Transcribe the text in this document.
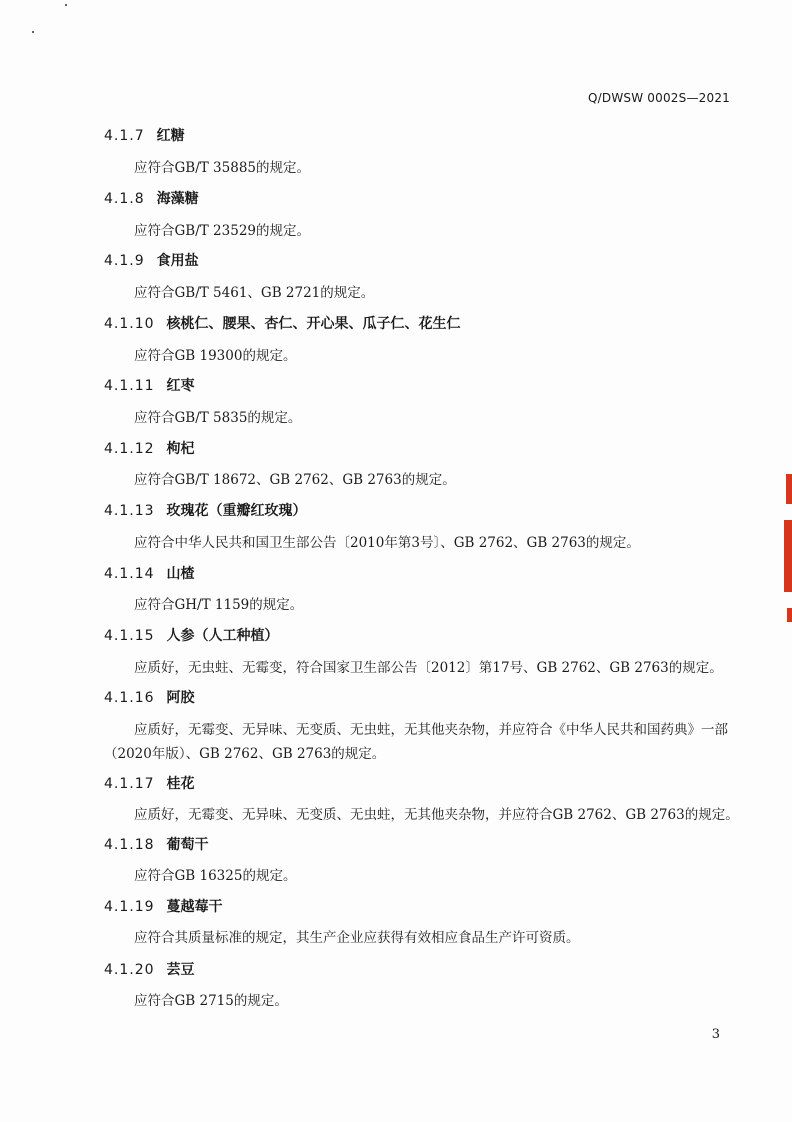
Q/DWSW 0002S—2021
4.1.7 红糖
应符合GB/T 35885的规定。
4.1.8 海藻糖
应符合GB/T 23529的规定。
4.1.9 食用盐
应符合GB/T 5461、GB 2721的规定。
4.1.10 核桃仁、腰果、杏仁、开心果、瓜子仁、花生仁
应符合GB 19300的规定。
4.1.11 红枣
应符合GB/T 5835的规定。
4.1.12 枸杞
应符合GB/T 18672、GB 2762、GB 2763的规定。
4.1.13 玫瑰花（重瓣红玫瑰）
应符合中华人民共和国卫生部公告〔2010年第3号〕、GB 2762、GB 2763的规定。
4.1.14 山楂
应符合GH/T 1159的规定。
4.1.15 人参（人工种植）
应质好，无虫蛀、无霉变，符合国家卫生部公告〔2012〕第17号、GB 2762、GB 2763的规定。
4.1.16 阿胶
应质好，无霉变、无异味、无变质、无虫蛀，无其他夹杂物，并应符合《中华人民共和国药典》一部（2020年版）、GB 2762、GB 2763的规定。
4.1.17 桂花
应质好，无霉变、无异味、无变质、无虫蛀，无其他夹杂物，并应符合GB 2762、GB 2763的规定。
4.1.18 葡萄干
应符合GB 16325的规定。
4.1.19 蔓越莓干
应符合其质量标准的规定，其生产企业应获得有效相应食品生产许可资质。
4.1.20 芸豆
应符合GB 2715的规定。
3
